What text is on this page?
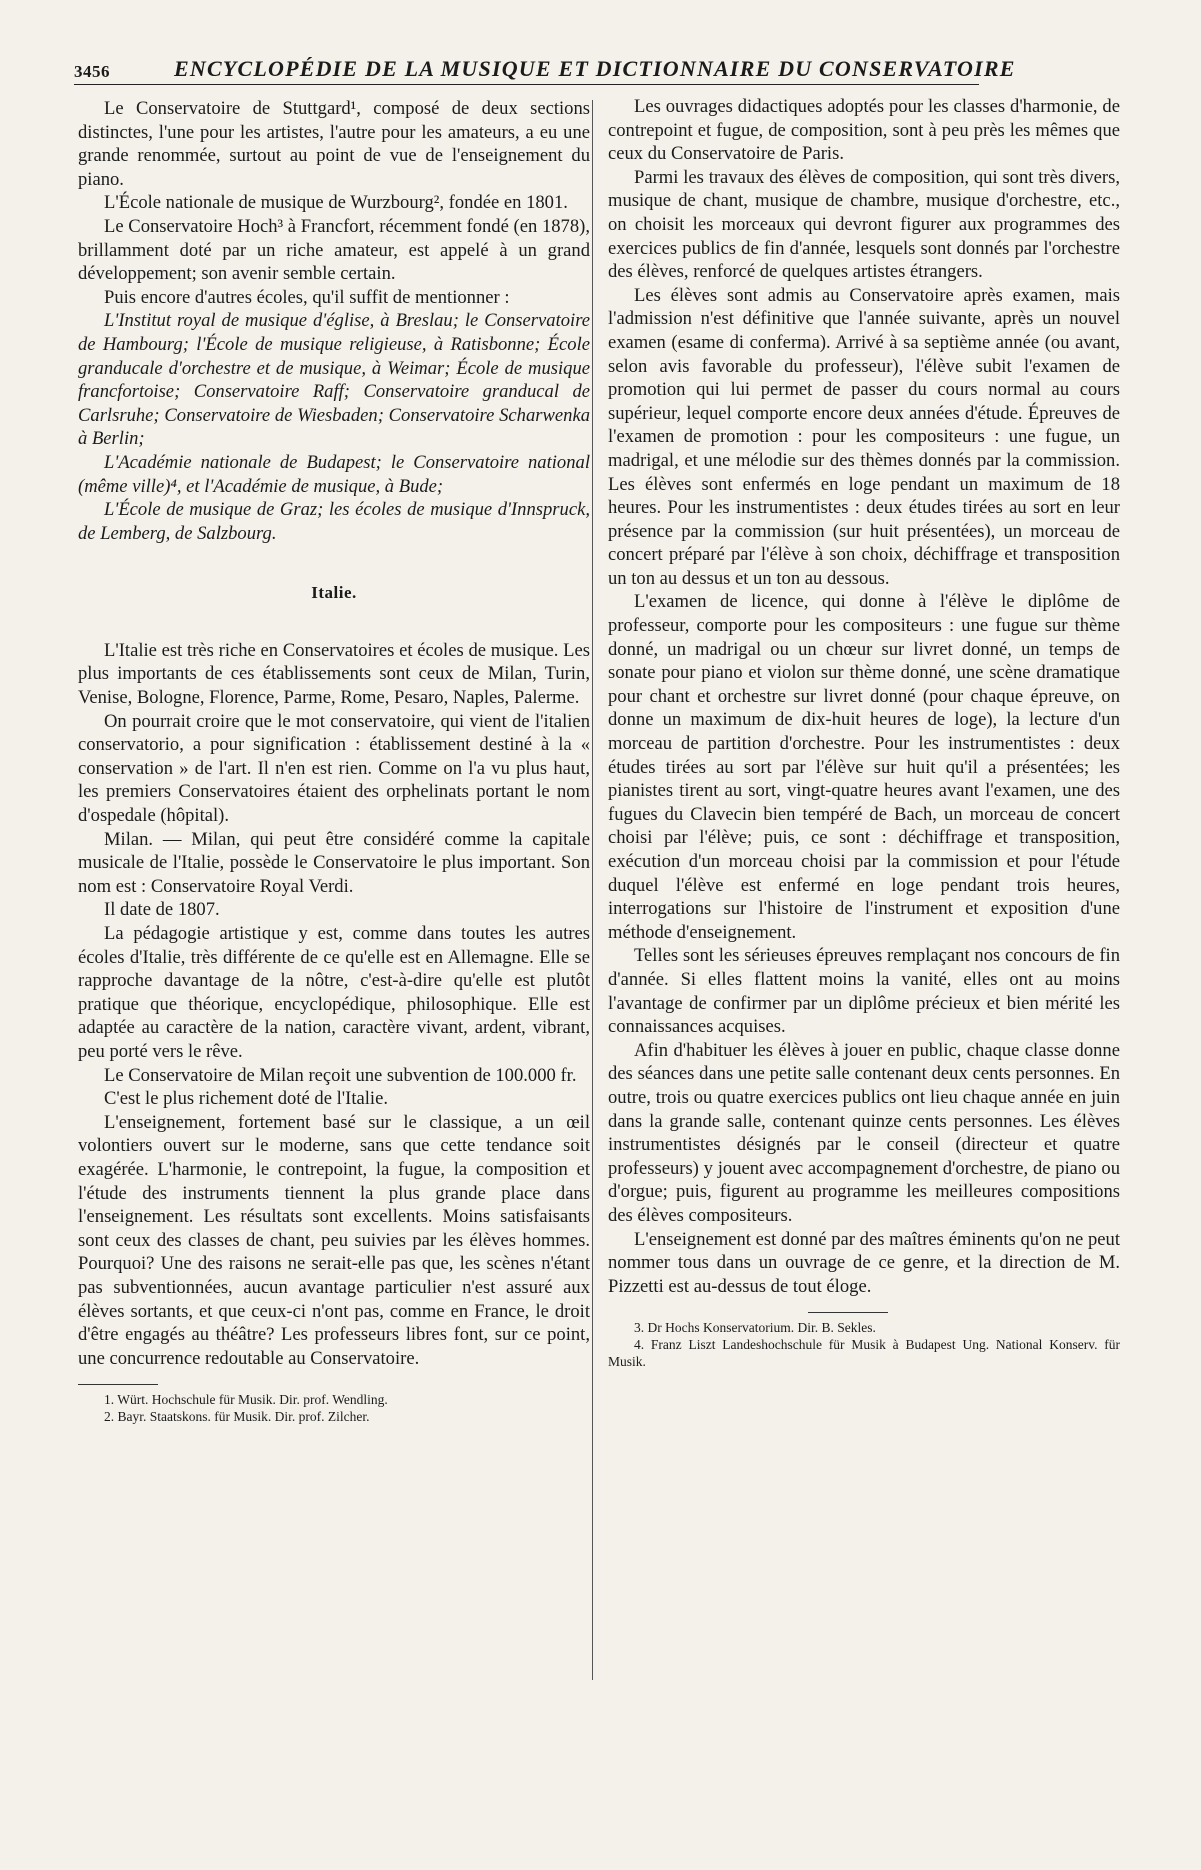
3456	ENCYCLOPÉDIE DE LA MUSIQUE ET DICTIONNAIRE DU CONSERVATOIRE

Le Conservatoire de Stuttgard¹, composé de deux sections distinctes, l'une pour les artistes, l'autre pour les amateurs, a eu une grande renommée, surtout au point de vue de l'enseignement du piano.

L'École nationale de musique de Wurzbourg², fondée en 1801.

Le Conservatoire Hoch³ à Francfort, récemment fondé (en 1878), brillamment doté par un riche amateur, est appelé à un grand développement; son avenir semble certain.

Puis encore d'autres écoles, qu'il suffit de mentionner :

L'Institut royal de musique d'église, à Breslau; le Conservatoire de Hambourg; l'École de musique religieuse, à Ratisbonne; École granducale d'orchestre et de musique, à Weimar; École de musique francfortoise; Conservatoire Raff; Conservatoire granducal de Carlsruhe; Conservatoire de Wiesbaden; Conservatoire Scharwenka à Berlin;

L'Académie nationale de Budapest; le Conservatoire national (même ville)⁴, et l'Académie de musique, à Bude;

L'École de musique de Graz; les écoles de musique d'Innspruck, de Lemberg, de Salzbourg.

Italie.

L'Italie est très riche en Conservatoires et écoles de musique. Les plus importants de ces établissements sont ceux de Milan, Turin, Venise, Bologne, Florence, Parme, Rome, Pesaro, Naples, Palerme.

On pourrait croire que le mot conservatoire, qui vient de l'italien conservatorio, a pour signification : établissement destiné à la « conservation » de l'art. Il n'en est rien. Comme on l'a vu plus haut, les premiers Conservatoires étaient des orphelinats portant le nom d'ospedale (hôpital).

Milan. — Milan, qui peut être considéré comme la capitale musicale de l'Italie, possède le Conservatoire le plus important. Son nom est : Conservatoire Royal Verdi.

Il date de 1807.

La pédagogie artistique y est, comme dans toutes les autres écoles d'Italie, très différente de ce qu'elle est en Allemagne. Elle se rapproche davantage de la nôtre, c'est-à-dire qu'elle est plutôt pratique que théorique, encyclopédique, philosophique. Elle est adaptée au caractère de la nation, caractère vivant, ardent, vibrant, peu porté vers le rêve.

Le Conservatoire de Milan reçoit une subvention de 100.000 fr.

C'est le plus richement doté de l'Italie.

L'enseignement, fortement basé sur le classique, a un œil volontiers ouvert sur le moderne, sans que cette tendance soit exagérée. L'harmonie, le contrepoint, la fugue, la composition et l'étude des instruments tiennent la plus grande place dans l'enseignement. Les résultats sont excellents. Moins satisfaisants sont ceux des classes de chant, peu suivies par les élèves hommes. Pourquoi? Une des raisons ne serait-elle pas que, les scènes n'étant pas subventionnées, aucun avantage particulier n'est assuré aux élèves sortants, et que ceux-ci n'ont pas, comme en France, le droit d'être engagés au théâtre? Les professeurs libres font, sur ce point, une concurrence redoutable au Conservatoire.

1. Würt. Hochschule für Musik. Dir. prof. Wendling.

2. Bayr. Staatskons. für Musik. Dir. prof. Zilcher.

Les ouvrages didactiques adoptés pour les classes d'harmonie, de contrepoint et fugue, de composition, sont à peu près les mêmes que ceux du Conservatoire de Paris.

Parmi les travaux des élèves de composition, qui sont très divers, musique de chant, musique de chambre, musique d'orchestre, etc., on choisit les morceaux qui devront figurer aux programmes des exercices publics de fin d'année, lesquels sont donnés par l'orchestre des élèves, renforcé de quelques artistes étrangers.

Les élèves sont admis au Conservatoire après examen, mais l'admission n'est définitive que l'année suivante, après un nouvel examen (esame di conferma). Arrivé à sa septième année (ou avant, selon avis favorable du professeur), l'élève subit l'examen de promotion qui lui permet de passer du cours normal au cours supérieur, lequel comporte encore deux années d'étude. Épreuves de l'examen de promotion : pour les compositeurs : une fugue, un madrigal, et une mélodie sur des thèmes donnés par la commission. Les élèves sont enfermés en loge pendant un maximum de 18 heures. Pour les instrumentistes : deux études tirées au sort en leur présence par la commission (sur huit présentées), un morceau de concert préparé par l'élève à son choix, déchiffrage et transposition un ton au dessus et un ton au dessous.

L'examen de licence, qui donne à l'élève le diplôme de professeur, comporte pour les compositeurs : une fugue sur thème donné, un madrigal ou un chœur sur livret donné, un temps de sonate pour piano et violon sur thème donné, une scène dramatique pour chant et orchestre sur livret donné (pour chaque épreuve, on donne un maximum de dix-huit heures de loge), la lecture d'un morceau de partition d'orchestre. Pour les instrumentistes : deux études tirées au sort par l'élève sur huit qu'il a présentées; les pianistes tirent au sort, vingt-quatre heures avant l'examen, une des fugues du Clavecin bien tempéré de Bach, un morceau de concert choisi par l'élève; puis, ce sont : déchiffrage et transposition, exécution d'un morceau choisi par la commission et pour l'étude duquel l'élève est enfermé en loge pendant trois heures, interrogations sur l'histoire de l'instrument et exposition d'une méthode d'enseignement.

Telles sont les sérieuses épreuves remplaçant nos concours de fin d'année. Si elles flattent moins la vanité, elles ont au moins l'avantage de confirmer par un diplôme précieux et bien mérité les connaissances acquises.

Afin d'habituer les élèves à jouer en public, chaque classe donne des séances dans une petite salle contenant deux cents personnes. En outre, trois ou quatre exercices publics ont lieu chaque année en juin dans la grande salle, contenant quinze cents personnes. Les élèves instrumentistes désignés par le conseil (directeur et quatre professeurs) y jouent avec accompagnement d'orchestre, de piano ou d'orgue; puis, figurent au programme les meilleures compositions des élèves compositeurs.

L'enseignement est donné par des maîtres éminents qu'on ne peut nommer tous dans un ouvrage de ce genre, et la direction de M. Pizzetti est au-dessus de tout éloge.

3. Dr Hochs Konservatorium. Dir. B. Sekles.

4. Franz Liszt Landeshochschule für Musik à Budapest Ung. National Konserv. für Musik.
